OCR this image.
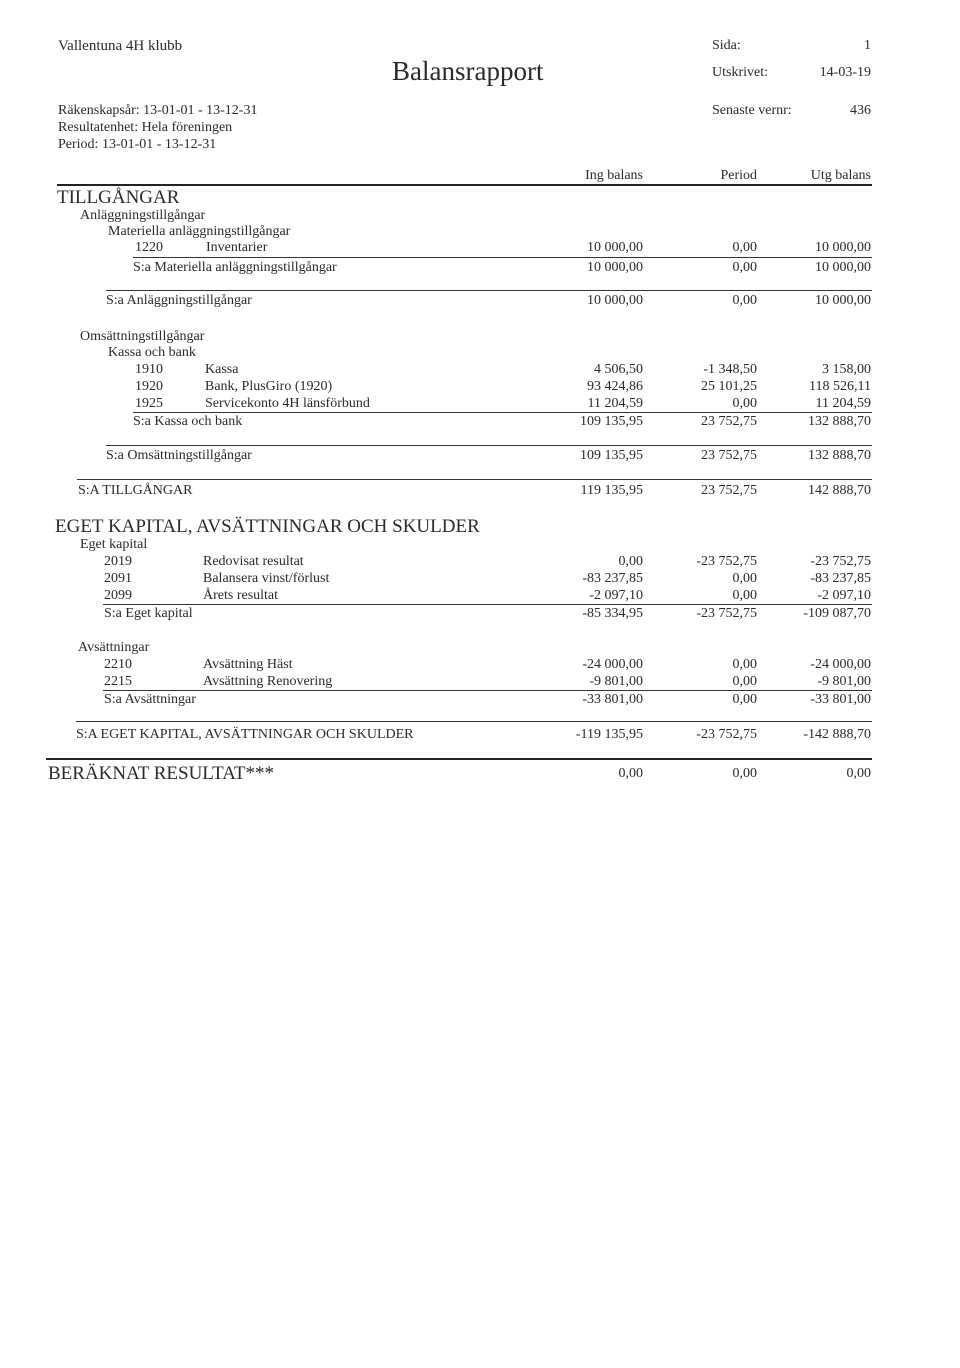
Vallentuna 4H klubb
Balansrapport
Sida:	1
Utskrivet:	14-03-19
Senaste vernr:	436
Räkenskapsår: 13-01-01 - 13-12-31
Resultatenhet: Hela föreningen
Period: 13-01-01 - 13-12-31
Ing balans	Period	Utg balans
TILLGÅNGAR
Anläggningstillgångar
Materiella anläggningstillgångar
1220	Inventarier	10 000,00	0,00	10 000,00
S:a Materiella anläggningstillgångar	10 000,00	0,00	10 000,00
S:a Anläggningstillgångar	10 000,00	0,00	10 000,00
Omsättningstillgångar
Kassa och bank
1910	Kassa	4 506,50	-1 348,50	3 158,00
1920	Bank, PlusGiro (1920)	93 424,86	25 101,25	118 526,11
1925	Servicekonto 4H länsförbund	11 204,59	0,00	11 204,59
S:a Kassa och bank	109 135,95	23 752,75	132 888,70
S:a Omsättningstillgångar	109 135,95	23 752,75	132 888,70
S:A TILLGÅNGAR	119 135,95	23 752,75	142 888,70
EGET KAPITAL, AVSÄTTNINGAR OCH SKULDER
Eget kapital
2019	Redovisat resultat	0,00	-23 752,75	-23 752,75
2091	Balansera vinst/förlust	-83 237,85	0,00	-83 237,85
2099	Årets resultat	-2 097,10	0,00	-2 097,10
S:a Eget kapital	-85 334,95	-23 752,75	-109 087,70
Avsättningar
2210	Avsättning Häst	-24 000,00	0,00	-24 000,00
2215	Avsättning Renovering	-9 801,00	0,00	-9 801,00
S:a Avsättningar	-33 801,00	0,00	-33 801,00
S:A EGET KAPITAL, AVSÄTTNINGAR OCH SKULDER	-119 135,95	-23 752,75	-142 888,70
BERÄKNAT RESULTAT***	0,00	0,00	0,00
